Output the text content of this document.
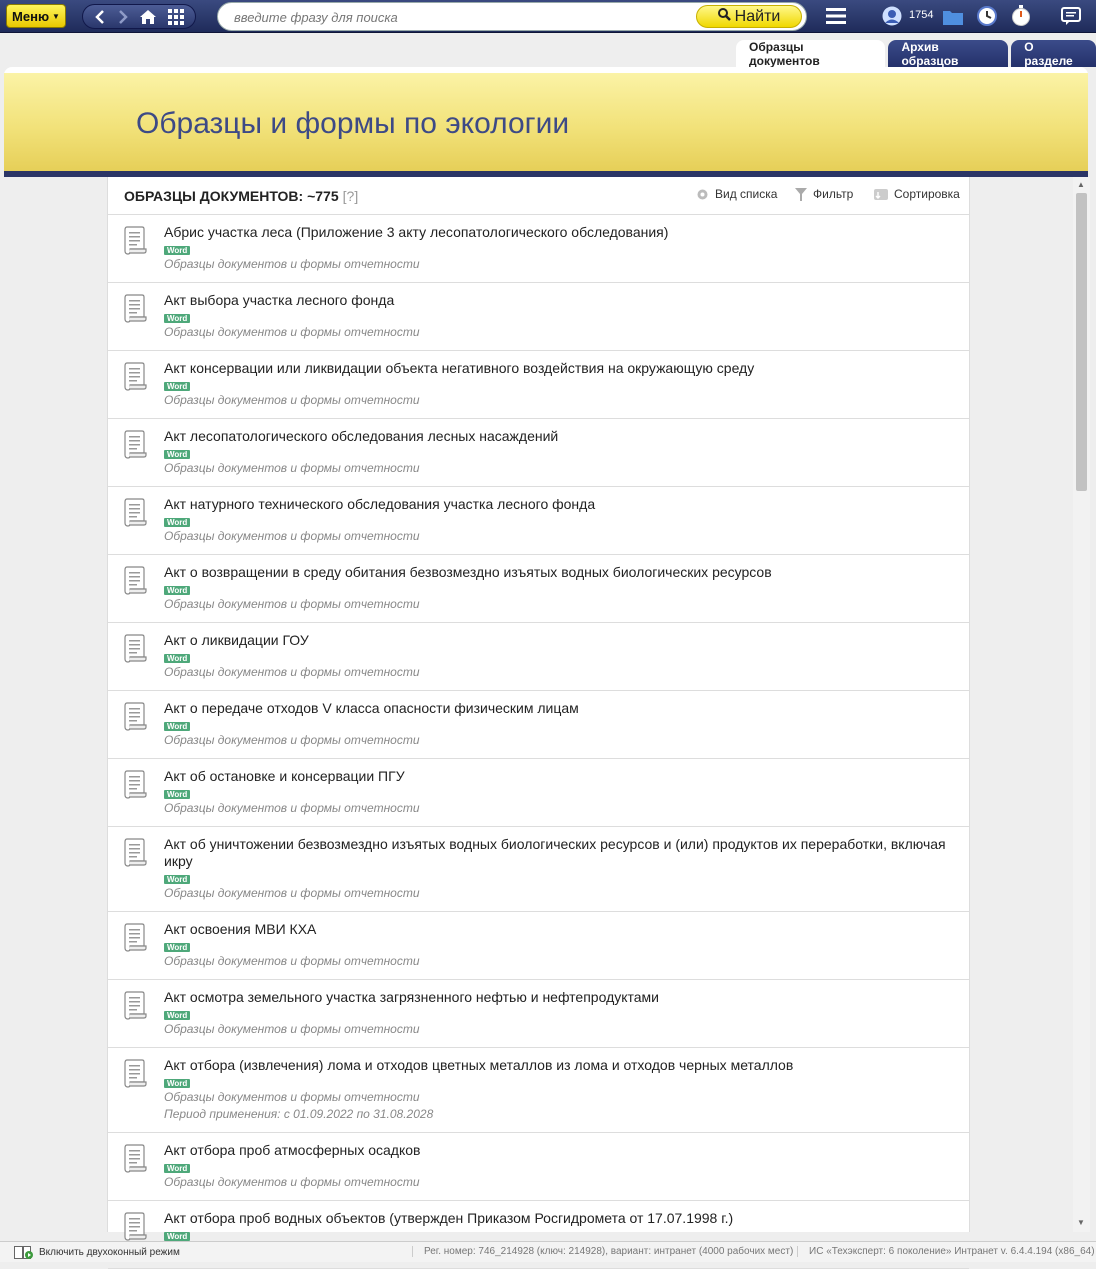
Меню ▼
введите фразу для поиска	Найти	1754
Образцы документов
Архив образцов
О разделе
Образцы и формы по экологии
ОБРАЗЦЫ ДОКУМЕНТОВ: ~775 [?]	Вид списка	Фильтр	Сортировка
Абрис участка леса (Приложение 3 акту лесопатологического обследования)
Word
Образцы документов и формы отчетности
Акт выбора участка лесного фонда
Word
Образцы документов и формы отчетности
Акт консервации или ликвидации объекта негативного воздействия на окружающую среду
Word
Образцы документов и формы отчетности
Акт лесопатологического обследования лесных насаждений
Word
Образцы документов и формы отчетности
Акт натурного технического обследования участка лесного фонда
Word
Образцы документов и формы отчетности
Акт о возвращении в среду обитания безвозмездно изъятых водных биологических ресурсов
Word
Образцы документов и формы отчетности
Акт о ликвидации ГОУ
Word
Образцы документов и формы отчетности
Акт о передаче отходов V класса опасности физическим лицам
Word
Образцы документов и формы отчетности
Акт об остановке и консервации ПГУ
Word
Образцы документов и формы отчетности
Акт об уничтожении безвозмездно изъятых водных биологических ресурсов и (или) продуктов их переработки, включая икру
Word
Образцы документов и формы отчетности
Акт освоения МВИ КХА
Word
Образцы документов и формы отчетности
Акт осмотра земельного участка загрязненного нефтью и нефтепродуктами
Word
Образцы документов и формы отчетности
Акт отбора (извлечения) лома и отходов цветных металлов из лома и отходов черных металлов
Word
Образцы документов и формы отчетности
Период применения: с 01.09.2022 по 31.08.2028
Акт отбора проб атмосферных осадков
Word
Образцы документов и формы отчетности
Акт отбора проб водных объектов (утвержден Приказом Росгидромета от 17.07.1998 г.)
Word
▲
▼
Включить двухоконный режим	Рег. номер: 746_214928 (ключ: 214928), вариант: интранет (4000 рабочих мест)	ИС «Техэксперт: 6 поколение» Интранет v. 6.4.4.194 (x86_64)
